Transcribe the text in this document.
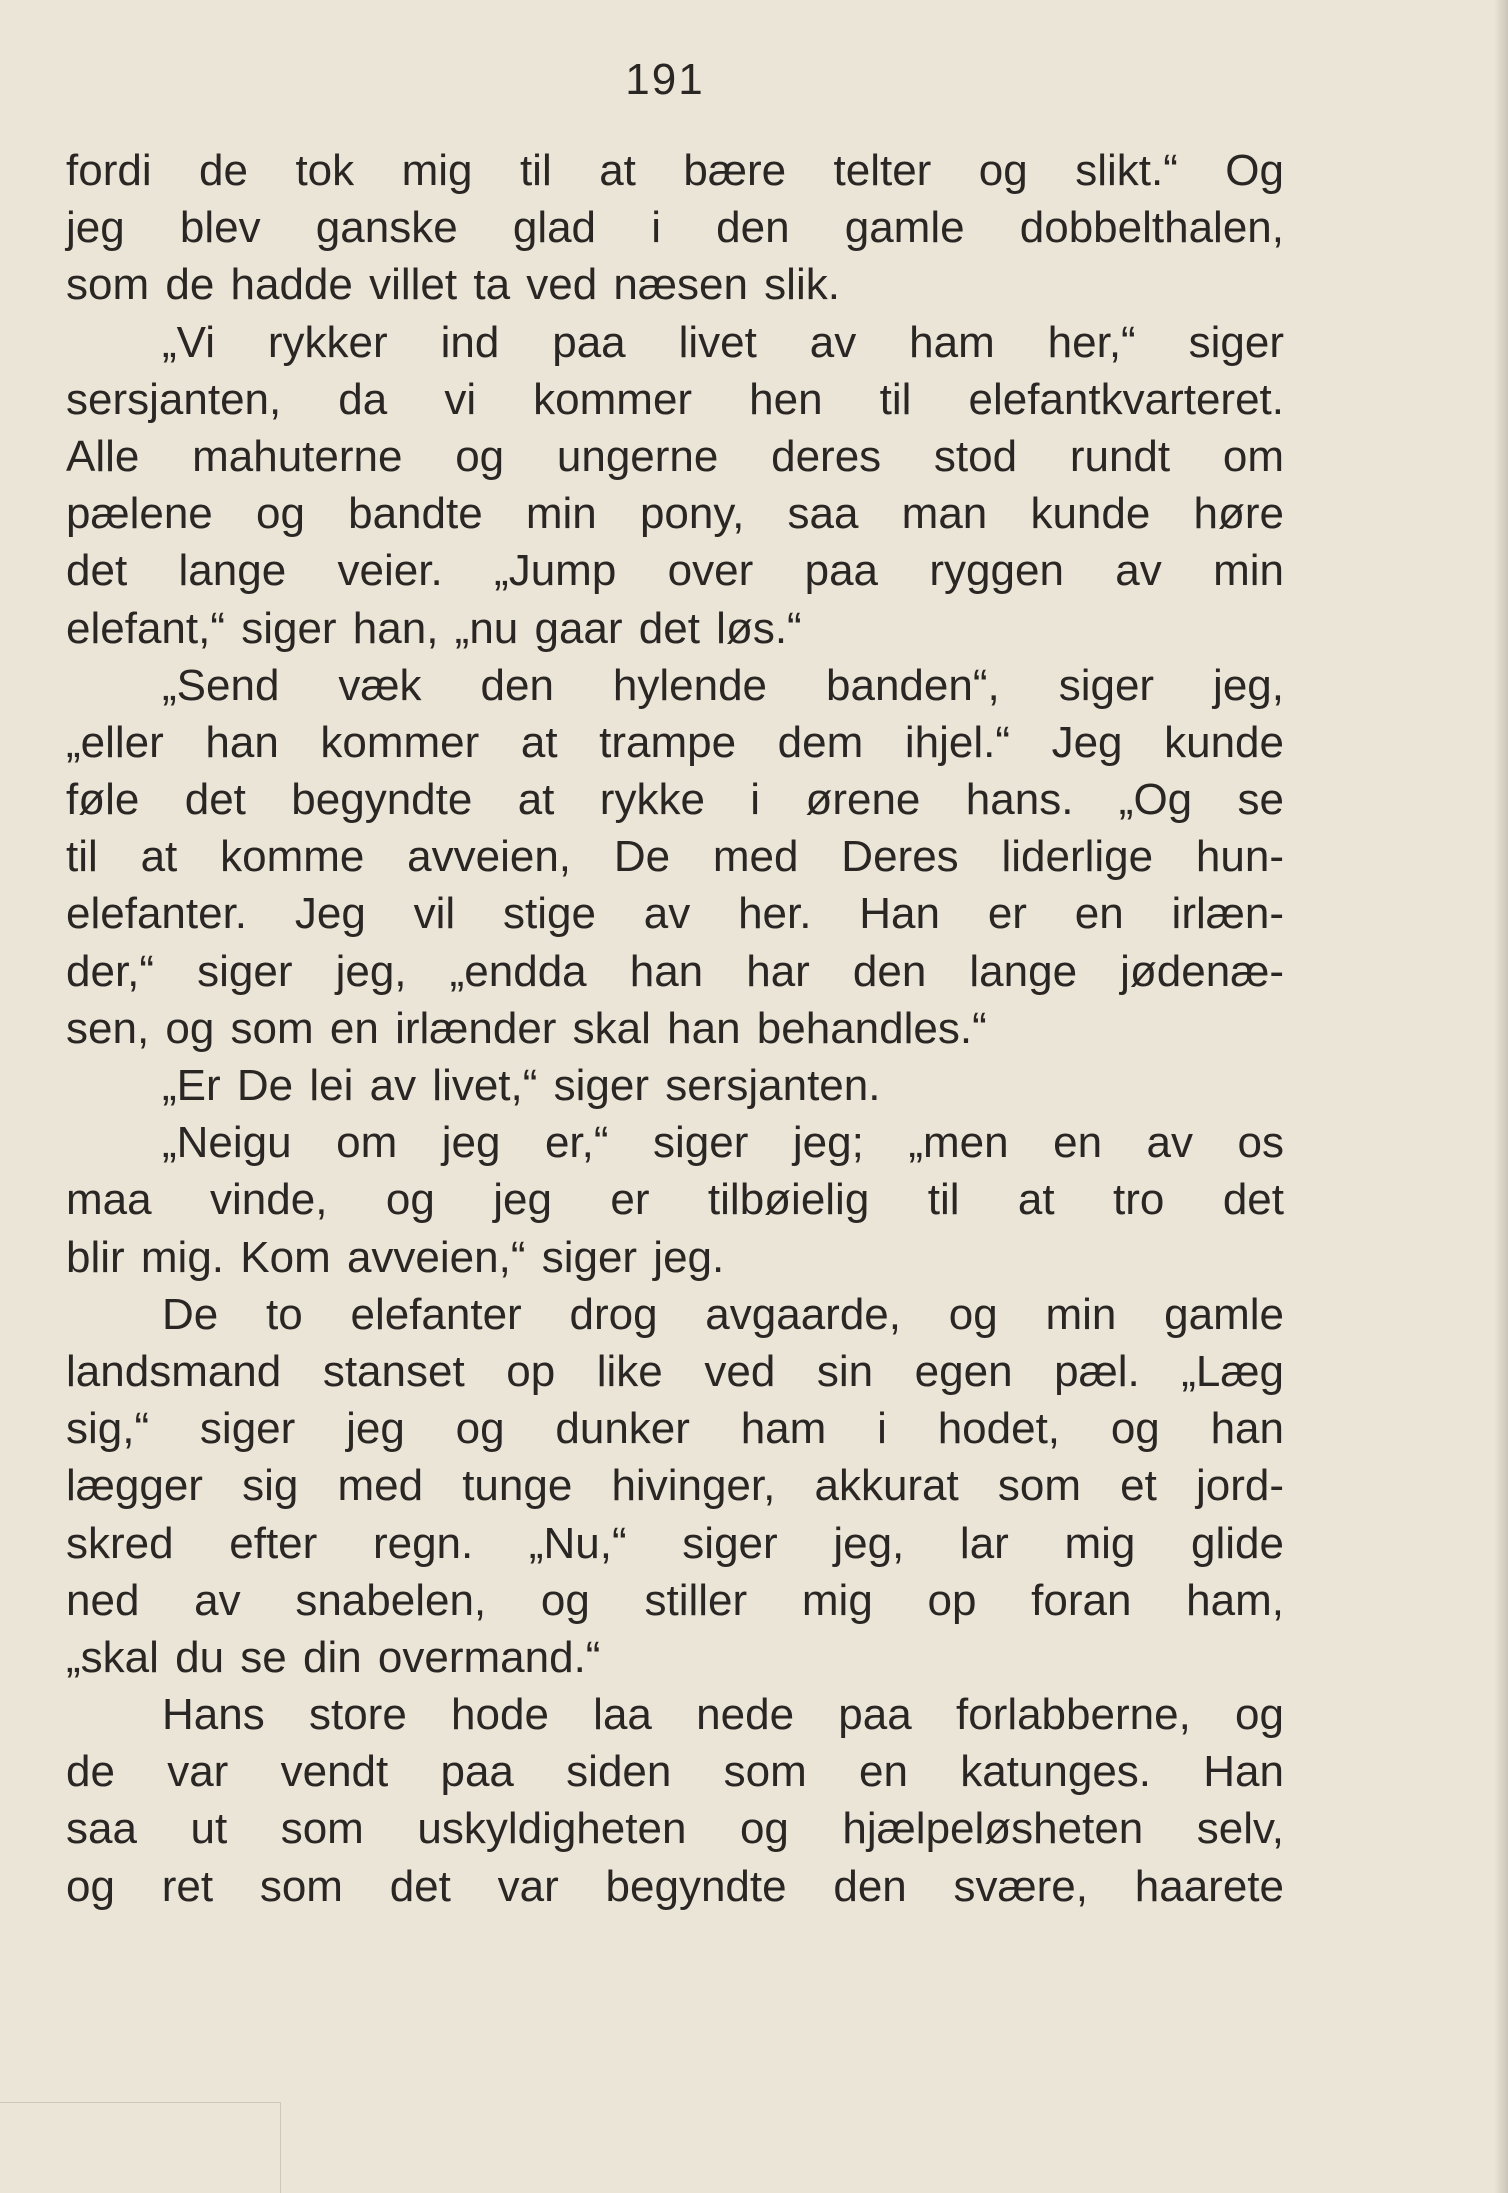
191

fordi de tok mig til at bære telter og slikt.“ Og
jeg blev ganske glad i den gamle dobbelthalen,
som de hadde villet ta ved næsen slik.
„Vi rykker ind paa livet av ham her,“ siger
sersjanten, da vi kommer hen til elefantkvarteret.
Alle mahuterne og ungerne deres stod rundt om
pælene og bandte min pony, saa man kunde høre
det lange veier. „Jump over paa ryggen av min
elefant,“ siger han, „nu gaar det løs.“
„Send væk den hylende banden“, siger jeg,
„eller han kommer at trampe dem ihjel.“ Jeg kunde
føle det begyndte at rykke i ørene hans. „Og se
til at komme avveien, De med Deres liderlige hun-
elefanter. Jeg vil stige av her. Han er en irlæn-
der,“ siger jeg, „endda han har den lange jødenæ-
sen, og som en irlænder skal han behandles.“
„Er De lei av livet,“ siger sersjanten.
„Neigu om jeg er,“ siger jeg; „men en av os
maa vinde, og jeg er tilbøielig til at tro det
blir mig. Kom avveien,“ siger jeg.
De to elefanter drog avgaarde, og min gamle
landsmand stanset op like ved sin egen pæl. „Læg
sig,“ siger jeg og dunker ham i hodet, og han
lægger sig med tunge hivinger, akkurat som et jord-
skred efter regn. „Nu,“ siger jeg, lar mig glide
ned av snabelen, og stiller mig op foran ham,
„skal du se din overmand.“
Hans store hode laa nede paa forlabberne, og
de var vendt paa siden som en katunges. Han
saa ut som uskyldigheten og hjælpeløsheten selv,
og ret som det var begyndte den svære, haarete
